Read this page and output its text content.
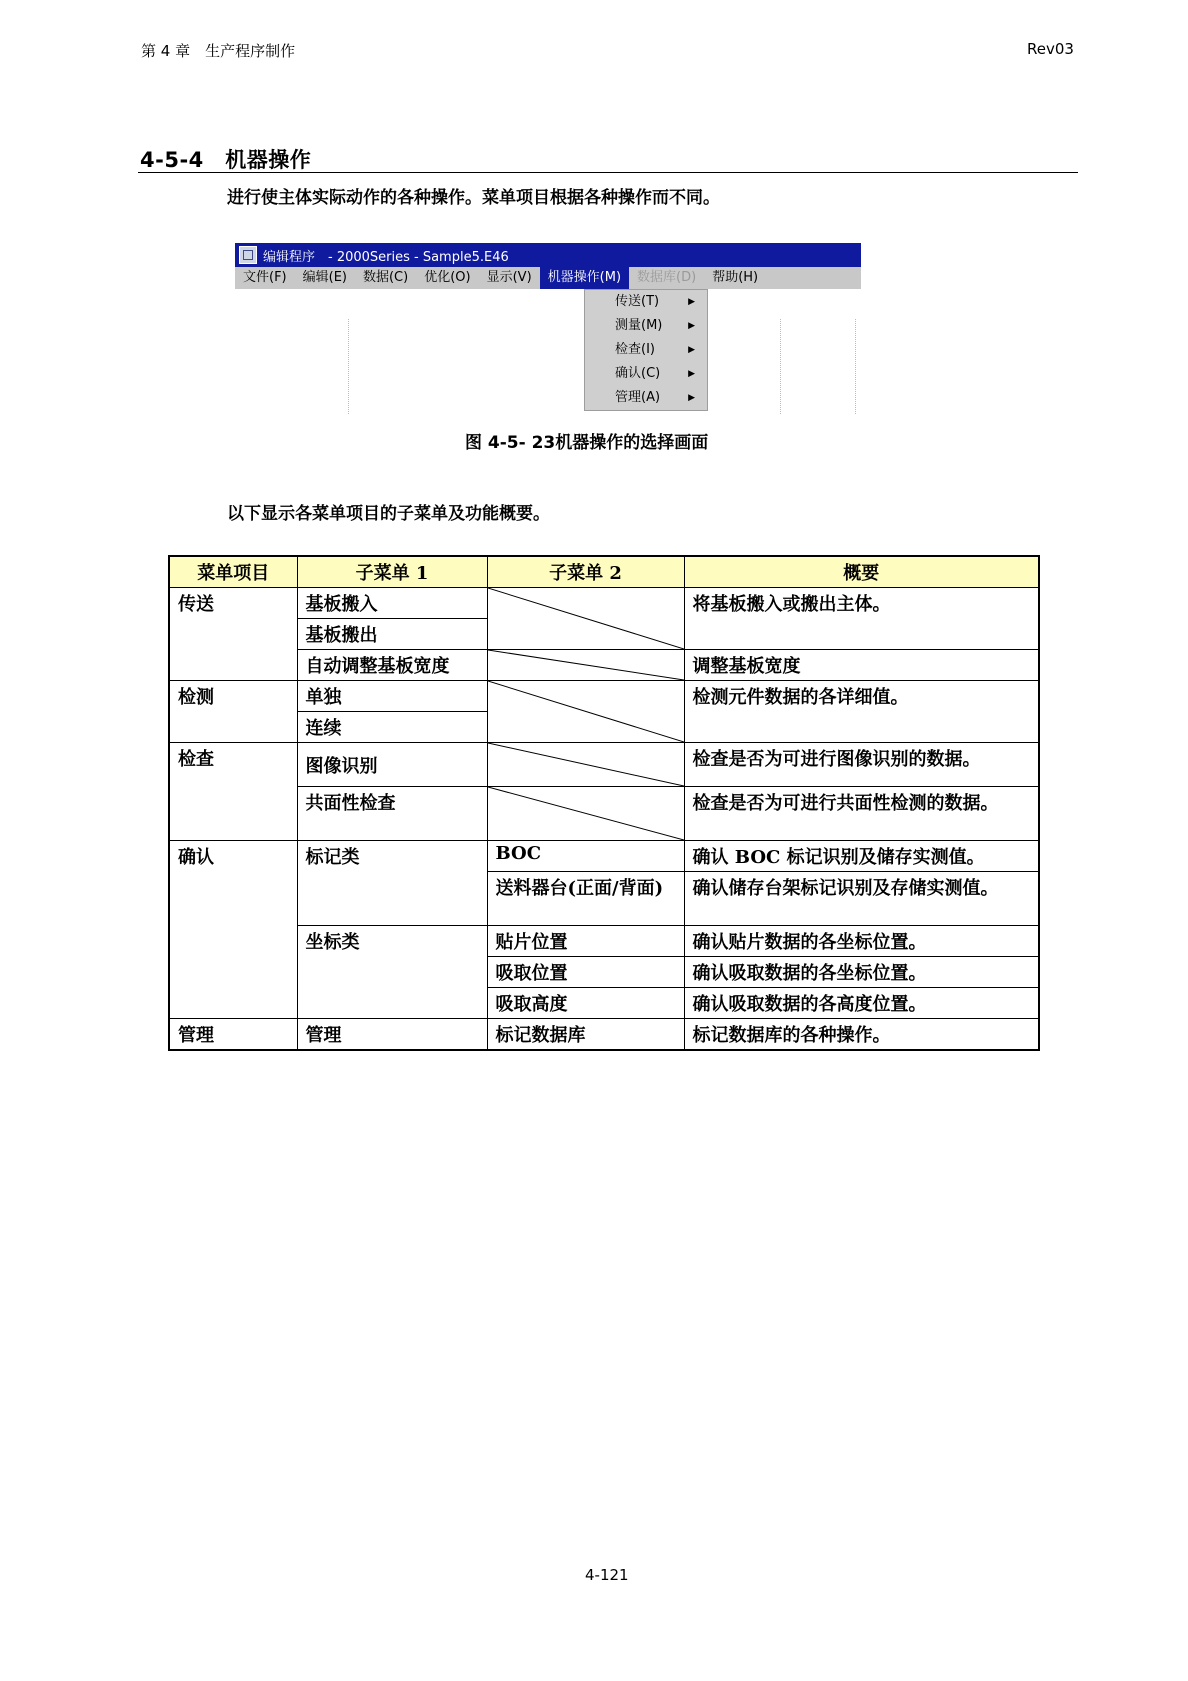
第 4 章　生产程序制作	Rev03
4-5-4　机器操作
进行使主体实际动作的各种操作。菜单项目根据各种操作而不同。
编辑程序　- 2000Series - Sample5.E46
文件(F)	编辑(E)	数据(C)	优化(O)	显示(V)	机器操作(M)	数据库(D)	帮助(H)
传送(T)	▶
测量(M)	▶
检查(I)	▶
确认(C)	▶
管理(A)	▶
图 4-5- 23机器操作的选择画面
以下显示各菜单项目的子菜单及功能概要。
菜单项目	子菜单 1	子菜单 2	概要
传送	基板搬入		将基板搬入或搬出主体。
	基板搬出		
	自动调整基板宽度		调整基板宽度
检测	单独		检测元件数据的各详细值。
	连续		
检查	图像识别		检查是否为可进行图像识别的数据。
	共面性检查		检查是否为可进行共面性检测的数据。
确认	标记类	BOC	确认 BOC 标记识别及储存实测值。
		送料器台(正面/背面)	确认储存台架标记识别及存储实测值。
	坐标类	贴片位置	确认贴片数据的各坐标位置。
		吸取位置	确认吸取数据的各坐标位置。
		吸取高度	确认吸取数据的各高度位置。
管理	管理	标记数据库	标记数据库的各种操作。
4-121
